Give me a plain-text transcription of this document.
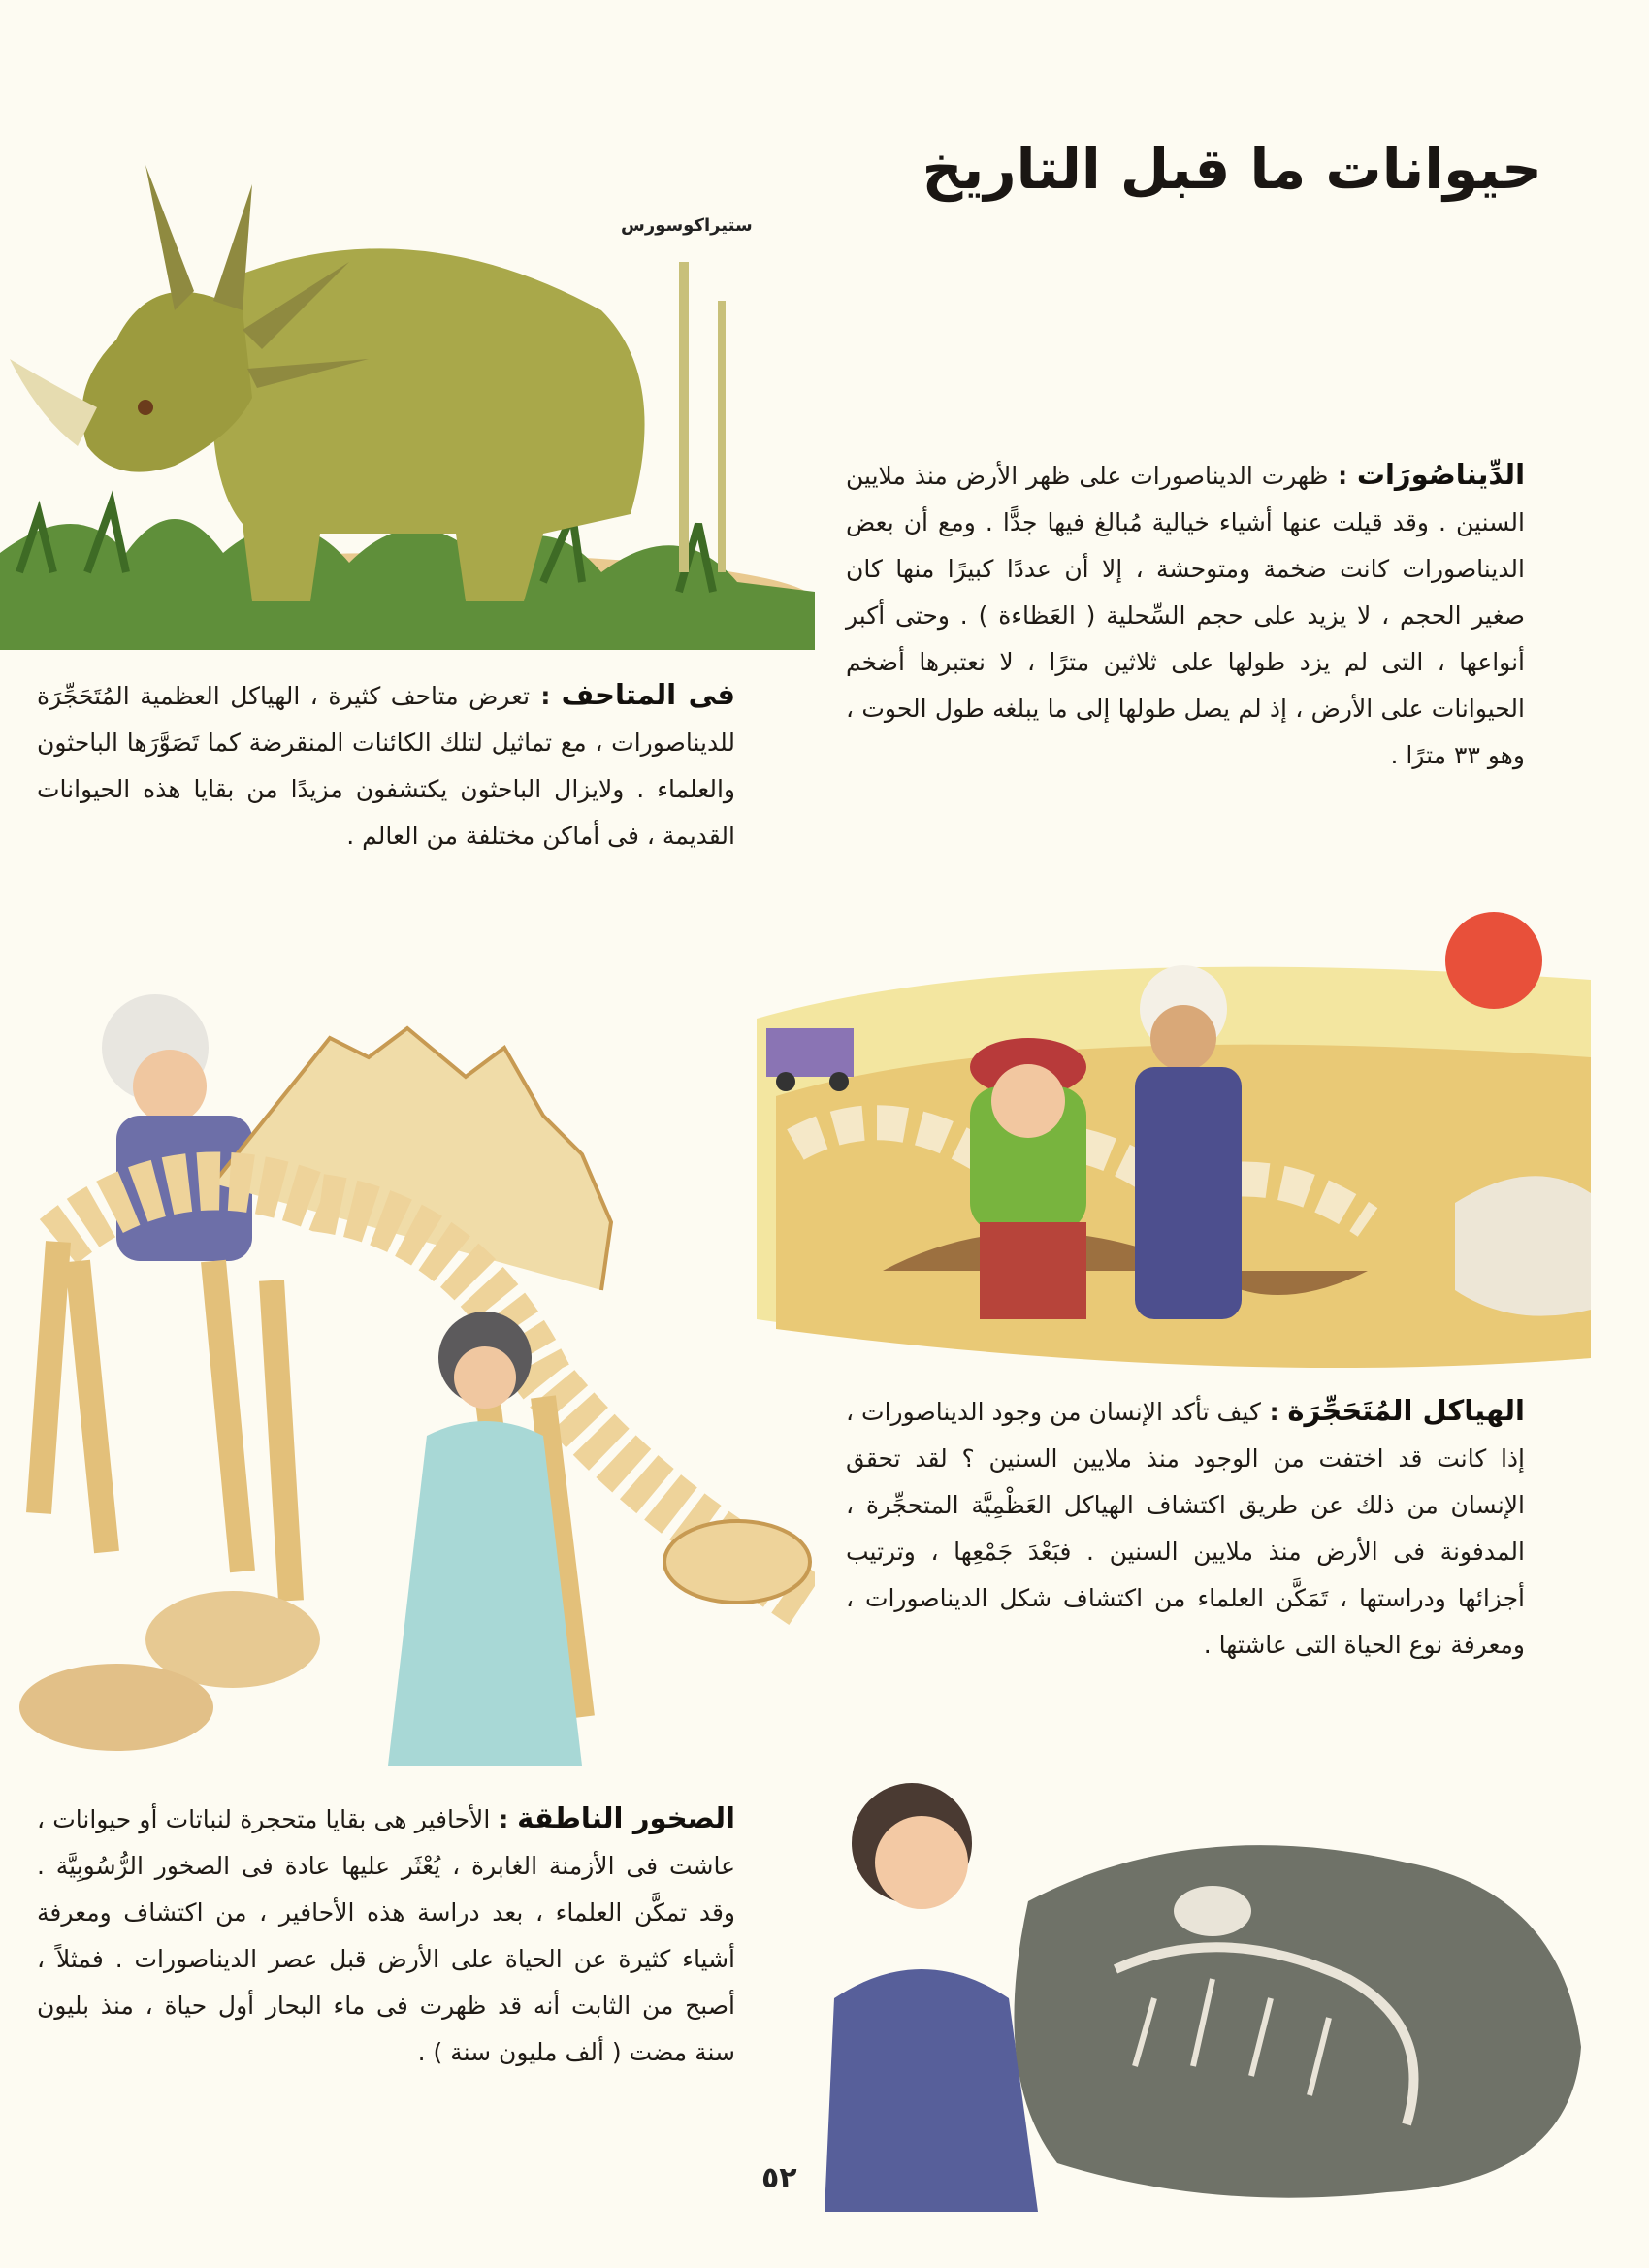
حيوانات ما قبل التاريخ
ستيراكوسورس
الدِّيناصُورَات : ظهرت الديناصورات على ظهر الأرض منذ ملايين السنين . وقد قيلت عنها أشياء خيالية مُبالغ فيها جدًّا . ومع أن بعض الديناصورات كانت ضخمة ومتوحشة ، إلا أن عددًا كبيرًا منها كان صغير الحجم ، لا يزيد على حجم السِّحلية ( العَظاءة ) . وحتى أكبر أنواعها ، التى لم يزد طولها على ثلاثين مترًا ، لا نعتبرها أضخم الحيوانات على الأرض ، إذ لم يصل طولها إلى ما يبلغه طول الحوت ، وهو ٣٣ مترًا .
فى المتاحف : تعرض متاحف كثيرة ، الهياكل العظمية المُتَحَجِّرَة للديناصورات ، مع تماثيل لتلك الكائنات المنقرضة كما تَصَوَّرَها الباحثون والعلماء . ولايزال الباحثون يكتشفون مزيدًا من بقايا هذه الحيوانات القديمة ، فى أماكن مختلفة من العالم .
الهياكل المُتَحَجِّرَة : كيف تأكد الإنسان من وجود الديناصورات ، إذا كانت قد اختفت من الوجود منذ ملايين السنين ؟ لقد تحقق الإنسان من ذلك عن طريق اكتشاف الهياكل العَظْمِيَّة المتحجِّرة ، المدفونة فى الأرض منذ ملايين السنين . فبَعْدَ جَمْعِها ، وترتيب أجزائها ودراستها ، تَمَكَّن العلماء من اكتشاف شكل الديناصورات ، ومعرفة نوع الحياة التى عاشتها .
الصخور الناطقة : الأحافير هى بقايا متحجرة لنباتات أو حيوانات ، عاشت فى الأزمنة الغابرة ، يُعْثَر عليها عادة فى الصخور الرُّسُوبِيَّة . وقد تمكَّن العلماء ، بعد دراسة هذه الأحافير ، من اكتشاف ومعرفة أشياء كثيرة عن الحياة على الأرض قبل عصر الديناصورات . فمثلاً ، أصبح من الثابت أنه قد ظهرت فى ماء البحار أول حياة ، منذ بليون سنة مضت ( ألف مليون سنة ) .
٥٢
